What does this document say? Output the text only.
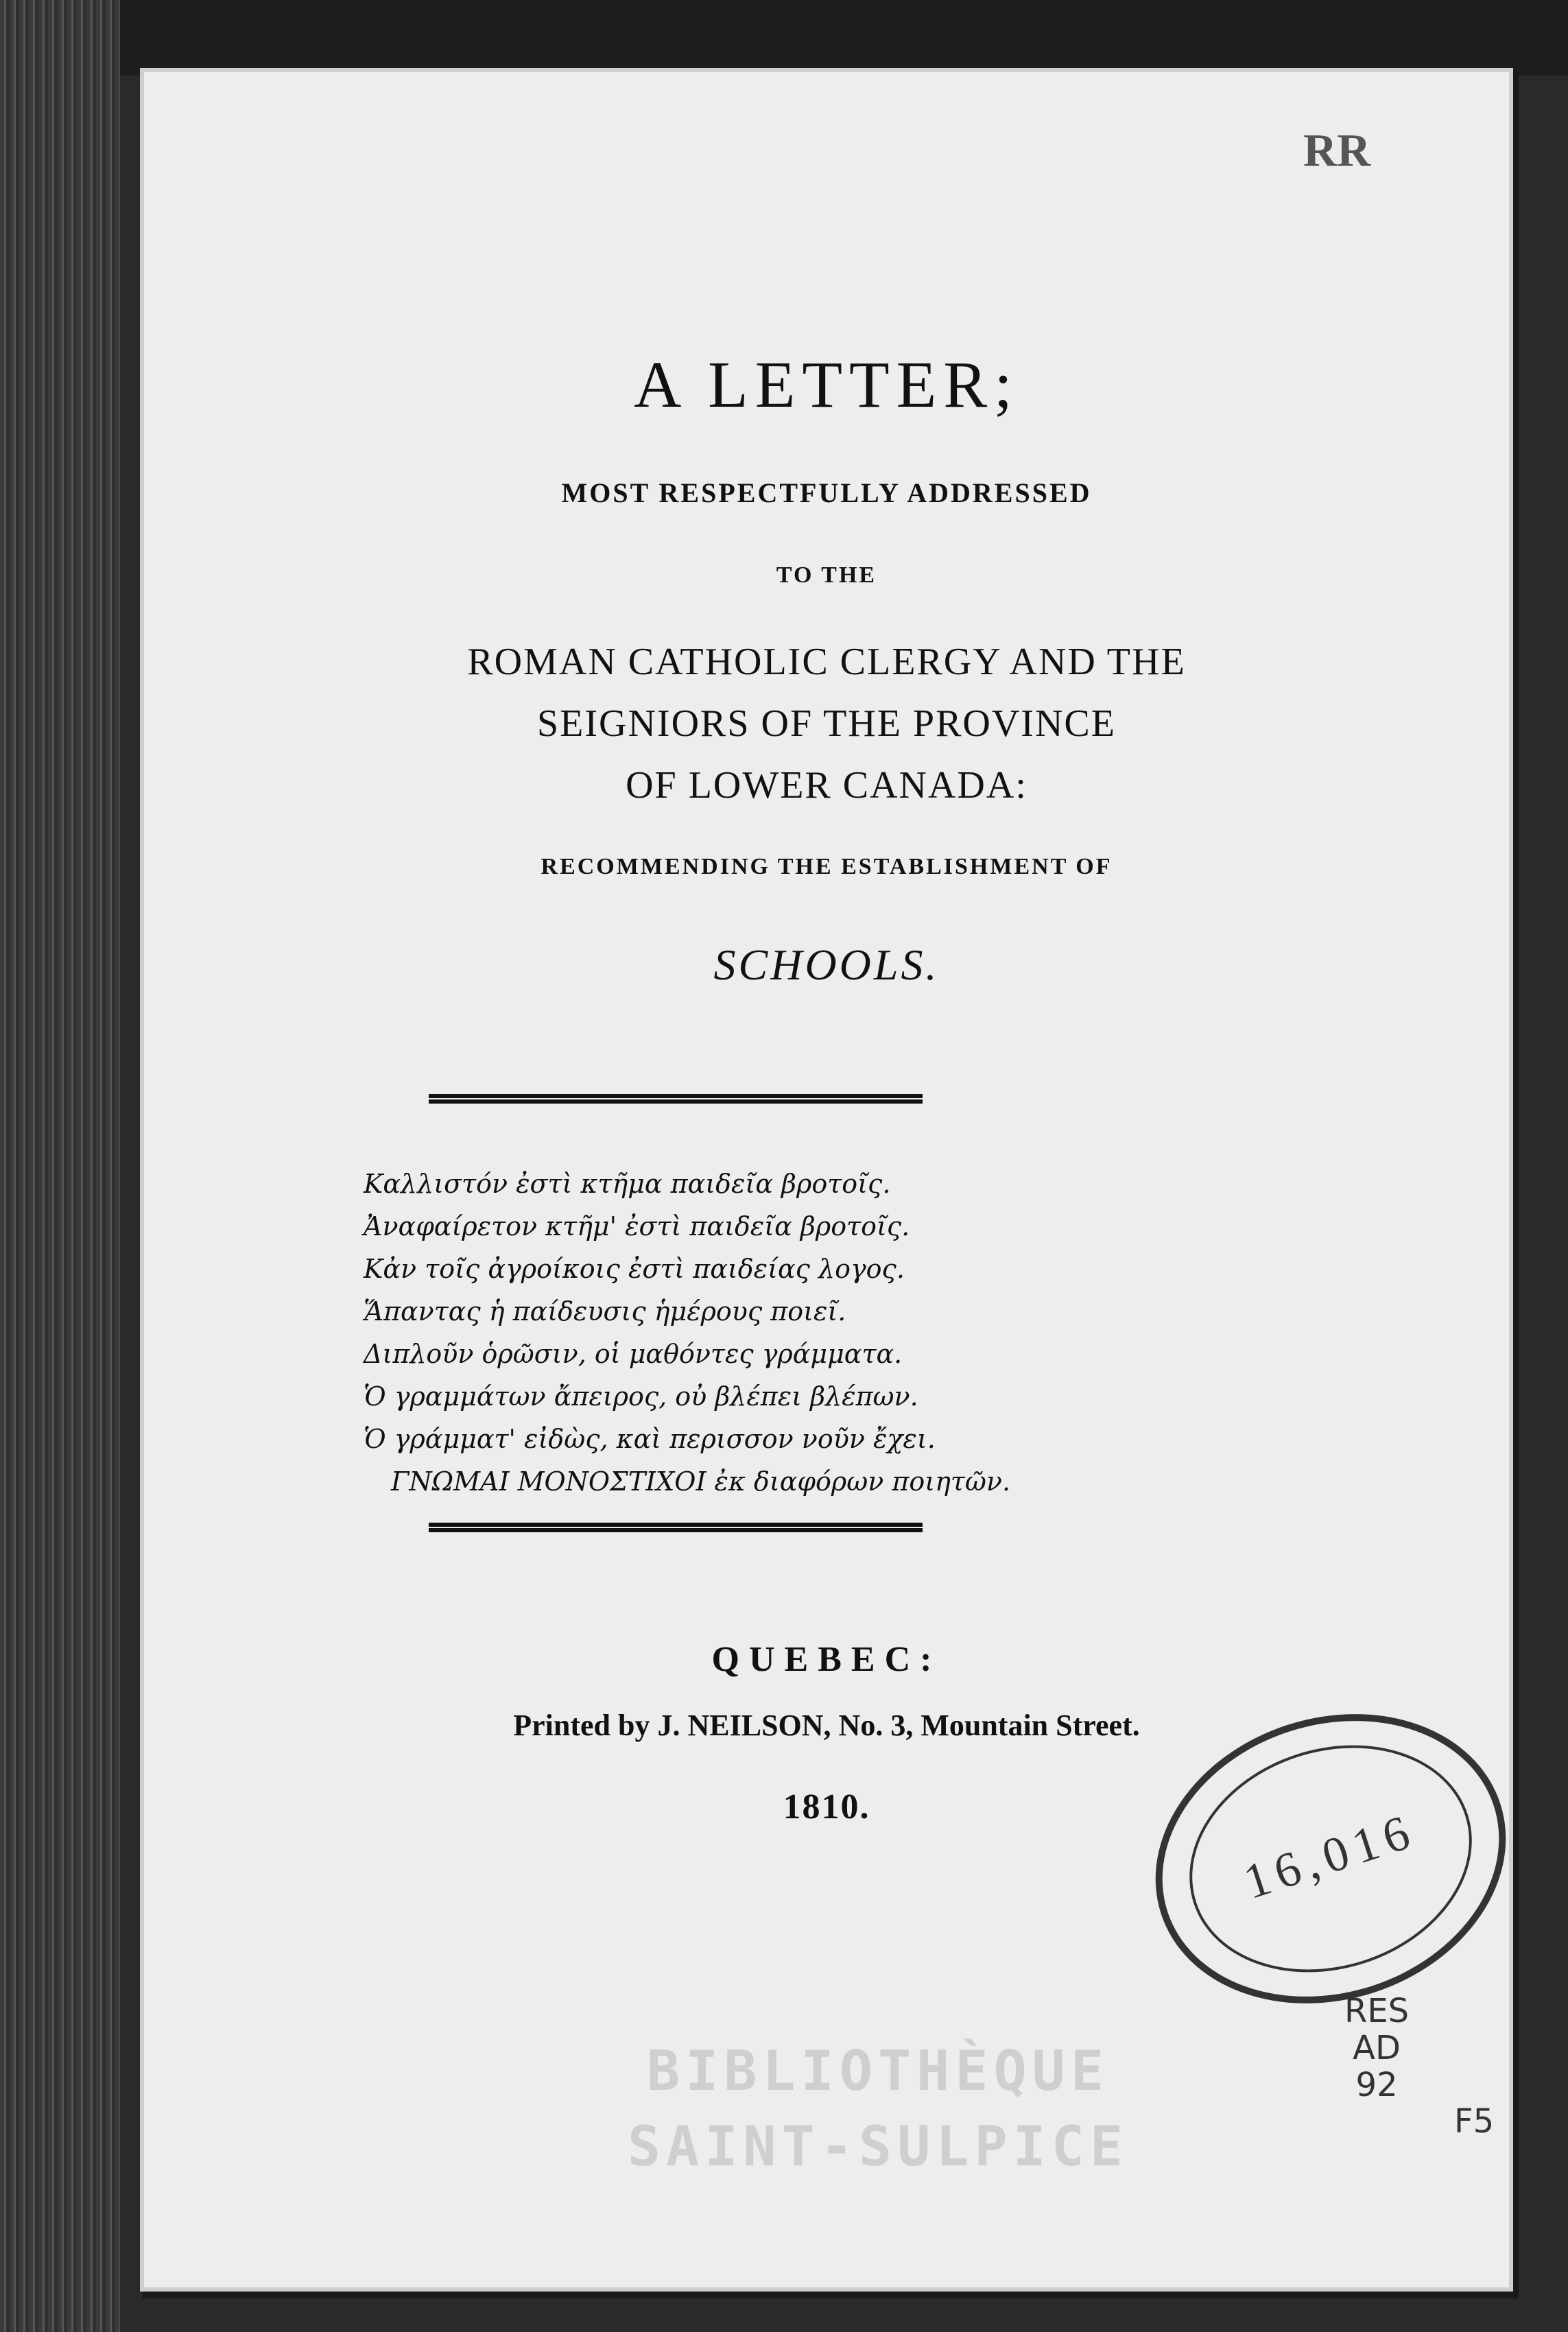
RR
A LETTER;
MOST RESPECTFULLY ADDRESSED
TO THE
ROMAN CATHOLIC CLERGY AND THE
SEIGNIORS OF THE PROVINCE
OF LOWER CANADA:
RECOMMENDING THE ESTABLISHMENT OF
SCHOOLS.
Καλλιστόν ἐστὶ κτῆμα παιδεῖα βροτοῖς.
Ἀναφαίρετον κτῆμ' ἐστὶ παιδεῖα βροτοῖς.
Κἀν τοῖς ἀγροίκοις ἐστὶ παιδείας λογος.
Ἅπαντας ἡ παίδευσις ἡμέρους ποιεῖ.
Διπλοῦν ὁρῶσιν, οἱ μαθόντες γράμματα.
Ὁ γραμμάτων ἄπειρος, οὐ βλέπει βλέπων.
Ὁ γράμματ' εἰδὼς, καὶ περισσον νοῦν ἔχει.
ΓΝΩΜΑΙ ΜΟΝΟΣΤΙΧΟΙ ἐκ διαφόρων ποιητῶν.
QUEBEC:
Printed by J. NEILSON, No. 3, Mountain Street.
1810.	16,016
RES
AD
92
F5
BIBLIOTHÈQUE
SAINT-SULPICE
